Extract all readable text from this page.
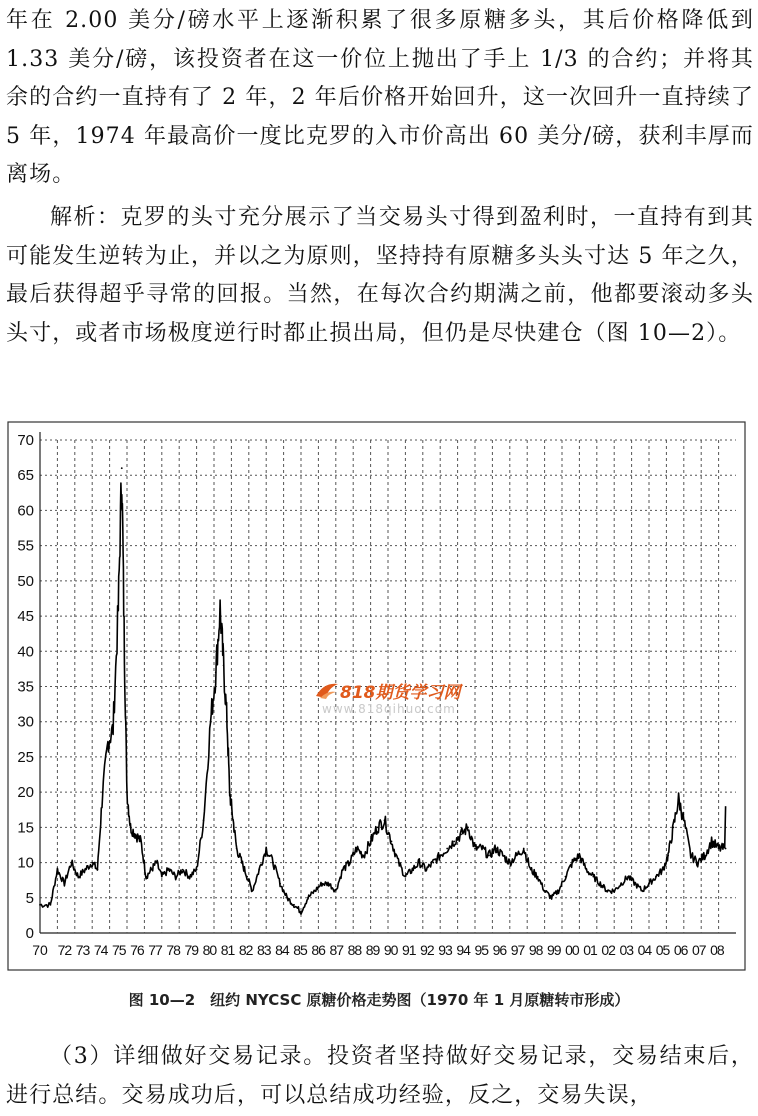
年在 2.00 美分/磅水平上逐渐积累了很多原糖多头，其后价格降低到 1.33 美分/磅，该投资者在这一价位上抛出了手上 1/3 的合约；并将其余的合约一直持有了 2 年，2 年后价格开始回升，这一次回升一直持续了 5 年，1974 年最高价一度比克罗的入市价高出 60 美分/磅，获利丰厚而离场。

解析：克罗的头寸充分展示了当交易头寸得到盈利时，一直持有到其可能发生逆转为止，并以之为原则，坚持持有原糖多头头寸达 5 年之久，最后获得超乎寻常的回报。当然，在每次合约期满之前，他都要滚动多头头寸，或者市场极度逆行时都止损出局，但仍是尽快建仓（图 10—2）。

0
5
10
15
20
25
30
35
40
45
50
55
60
65
70
70 72 73 74 75 76 77 78 79 80 81 82 83 84 85 86 87 88 89 90 91 92 93 94 95 96 97 98 99 00 01 02 03 04 05 06 07 08
818期货学习网
www.818qihuo.com
图 10—2　纽约 NYCSC 原糖价格走势图（1970 年 1 月原糖转市形成）

（3）详细做好交易记录。投资者坚持做好交易记录，交易结束后，进行总结。交易成功后，可以总结成功经验，反之，交易失误，
